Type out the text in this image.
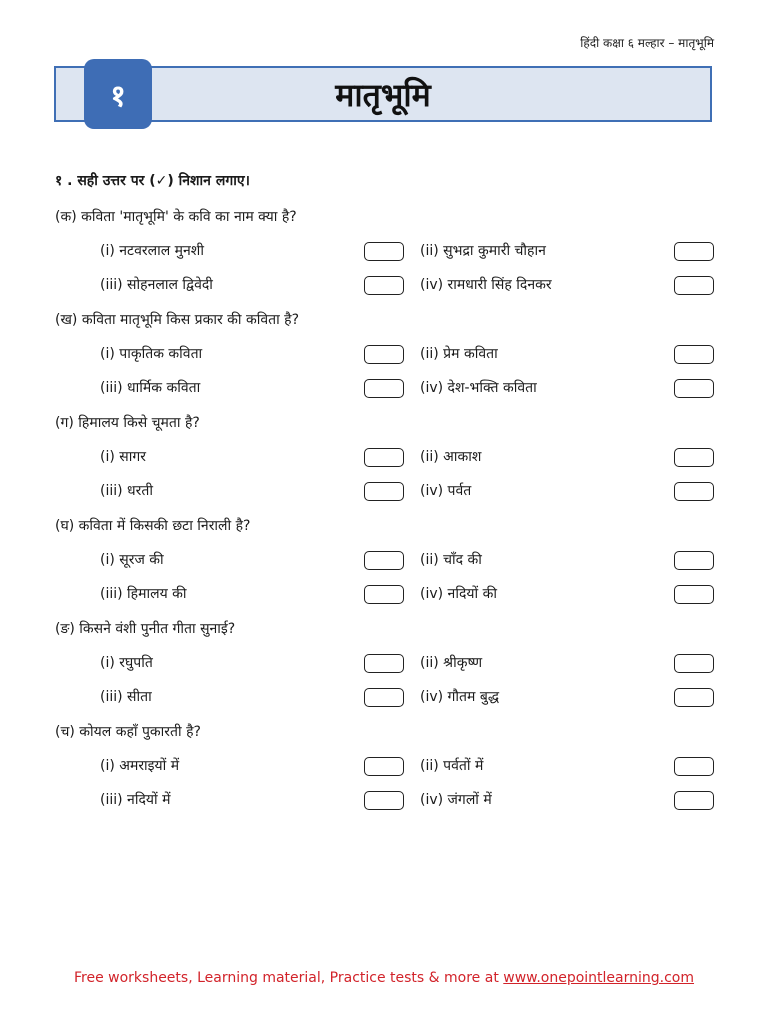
हिंदी कक्षा ६ मल्हार – मातृभूमि
मातृभूमि
१
१ . सही उत्तर पर (✓) निशान लगाए।
(क) कविता 'मातृभूमि' के कवि का नाम क्या है?
(i) नटवरलाल मुनशी	(ii) सुभद्रा कुमारी चौहान
(iii) सोहनलाल द्विवेदी	(iv) रामधारी सिंह दिनकर
(ख) कविता मातृभूमि किस प्रकार की कविता है?
(i) पाकृतिक कविता	(ii) प्रेम कविता
(iii) धार्मिक कविता	(iv) देश-भक्ति कविता
(ग) हिमालय किसे चूमता है?
(i) सागर	(ii) आकाश
(iii) धरती	(iv) पर्वत
(घ) कविता में किसकी छटा निराली है?
(i) सूरज की	(ii) चाँद की
(iii) हिमालय की	(iv) नदियों की
(ङ) किसने वंशी पुनीत गीता सुनाई?
(i) रघुपति	(ii) श्रीकृष्ण
(iii) सीता	(iv) गौतम बुद्ध
(च) कोयल कहाँ पुकारती है?
(i) अमराइयों में	(ii) पर्वतों में
(iii) नदियों में	(iv) जंगलों में
Free worksheets, Learning material, Practice tests & more at www.onepointlearning.com
